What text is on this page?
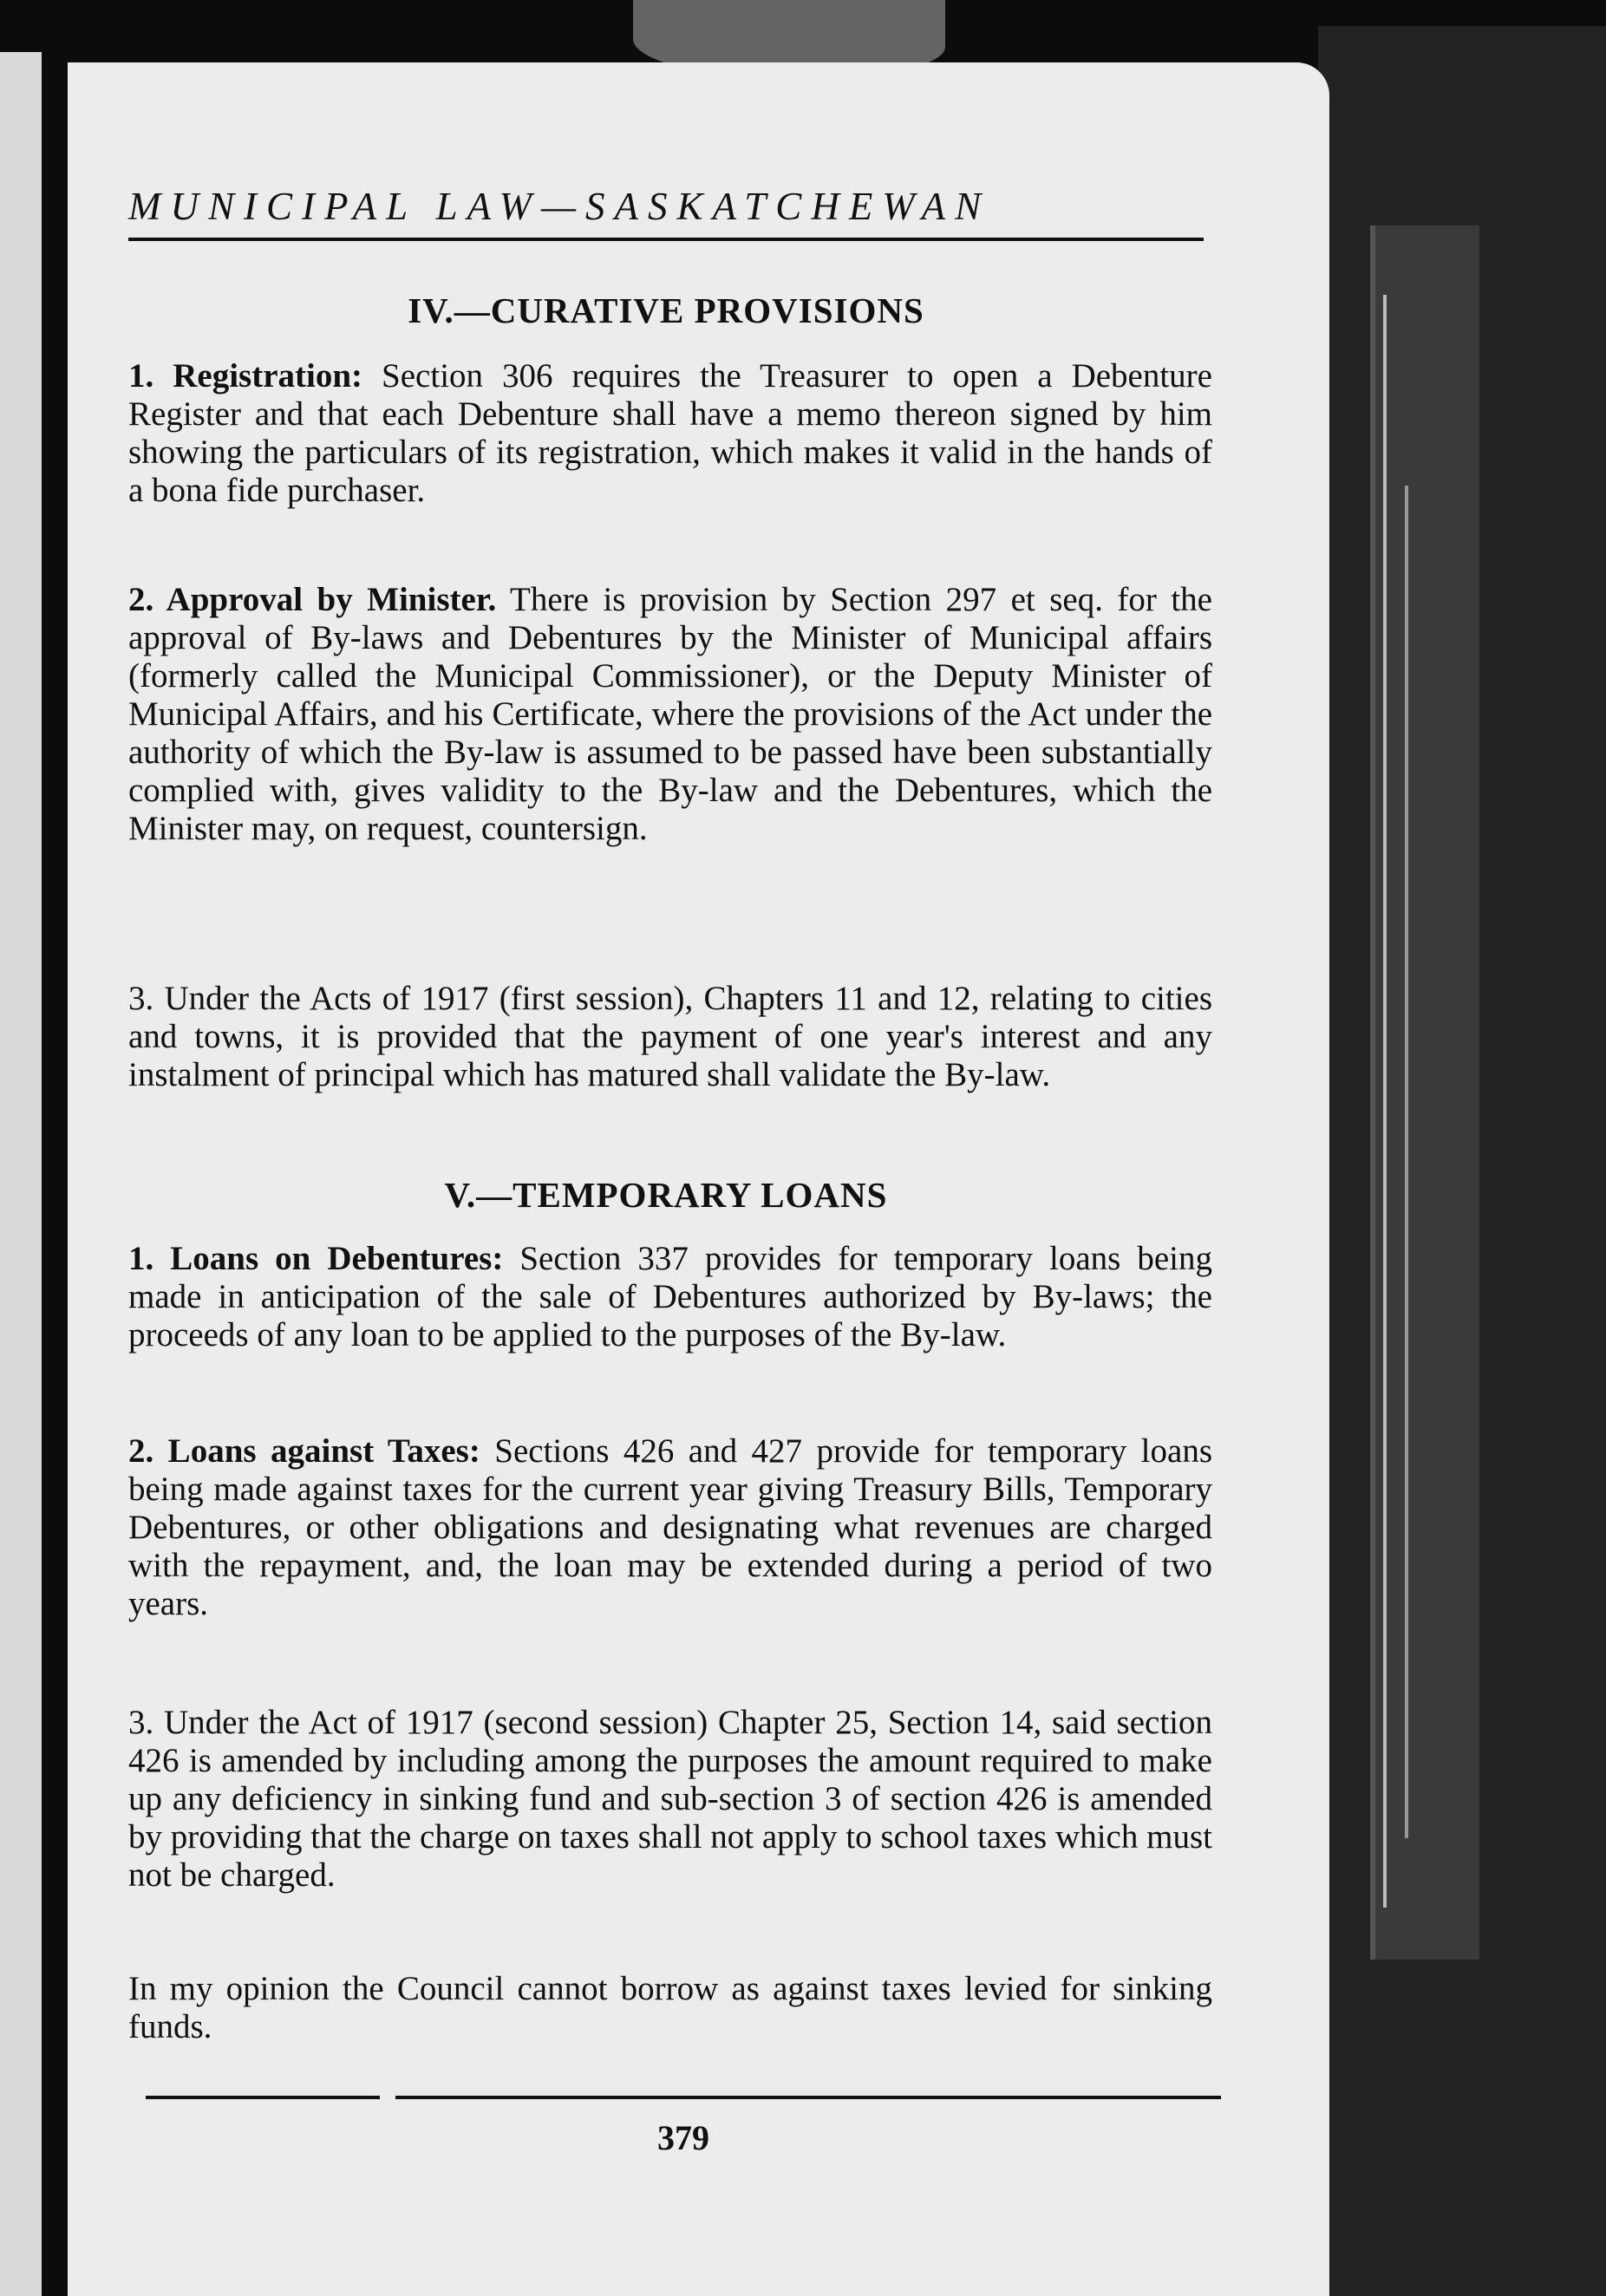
MUNICIPAL LAW—SASKATCHEWAN
IV.—CURATIVE PROVISIONS

1. Registration: Section 306 requires the Treasurer to open a Debenture Register and that each Debenture shall have a memo thereon signed by him showing the particulars of its registration, which makes it valid in the hands of a bona fide purchaser.

2. Approval by Minister. There is provision by Section 297 et seq. for the approval of By-laws and Debentures by the Minister of Municipal affairs (formerly called the Municipal Commissioner), or the Deputy Minister of Municipal Affairs, and his Certificate, where the provisions of the Act under the authority of which the By-law is assumed to be passed have been substantially complied with, gives validity to the By-law and the Debentures, which the Minister may, on request, countersign.

3. Under the Acts of 1917 (first session), Chapters 11 and 12, relating to cities and towns, it is provided that the payment of one year's interest and any instalment of principal which has matured shall validate the By-law.

V.—TEMPORARY LOANS

1. Loans on Debentures: Section 337 provides for temporary loans being made in anticipation of the sale of Debentures authorized by By-laws; the proceeds of any loan to be applied to the purposes of the By-law.

2. Loans against Taxes: Sections 426 and 427 provide for temporary loans being made against taxes for the current year giving Treasury Bills, Temporary Debentures, or other obligations and designating what revenues are charged with the repayment, and, the loan may be extended during a period of two years.

3. Under the Act of 1917 (second session) Chapter 25, Section 14, said section 426 is amended by including among the purposes the amount required to make up any deficiency in sinking fund and sub-section 3 of section 426 is amended by providing that the charge on taxes shall not apply to school taxes which must not be charged.

In my opinion the Council cannot borrow as against taxes levied for sinking funds.

379
